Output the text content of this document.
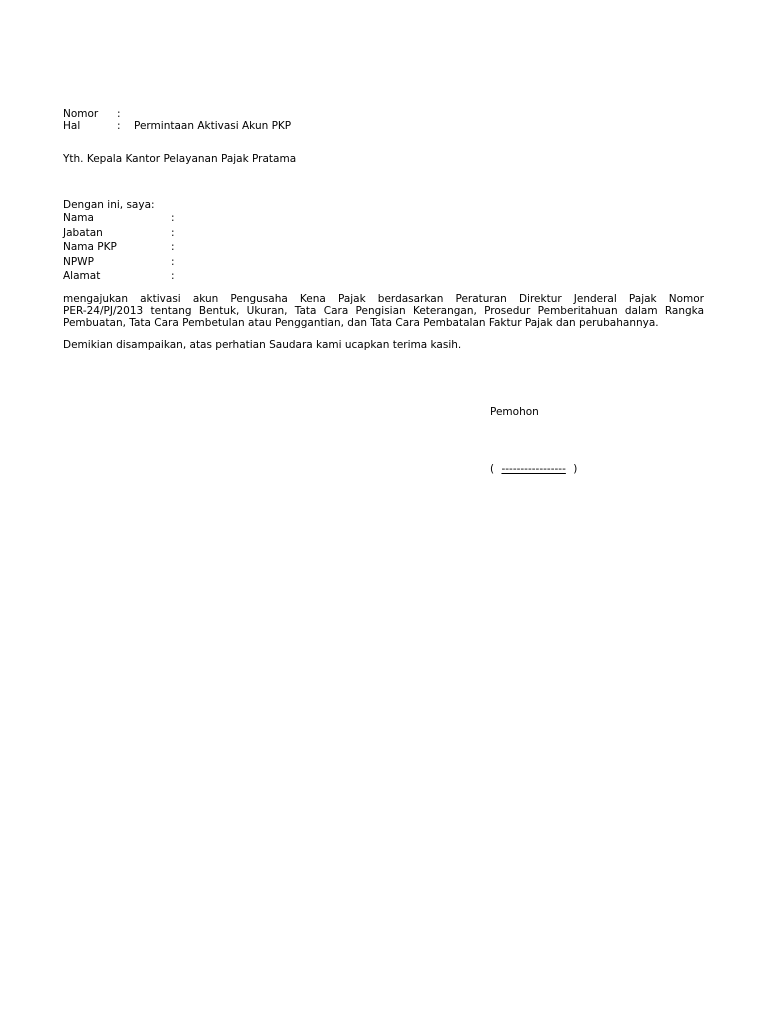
Nomor :
Hal	: Permintaan Aktivasi Akun PKP
Yth. Kepala Kantor Pelayanan Pajak Pratama
Dengan ini, saya:
Nama	:
Jabatan	:
Nama PKP	:
NPWP	:
Alamat	:
mengajukan aktivasi akun Pengusaha Kena Pajak berdasarkan Peraturan Direktur Jenderal Pajak Nomor
PER-24/PJ/2013 tentang Bentuk, Ukuran, Tata Cara Pengisian Keterangan, Prosedur Pemberitahuan dalam Rangka
Pembuatan, Tata Cara Pembetulan atau Penggantian, dan Tata Cara Pembatalan Faktur Pajak dan perubahannya.
Demikian disampaikan, atas perhatian Saudara kami ucapkan terima kasih.
Pemohon
( ----------------- )
